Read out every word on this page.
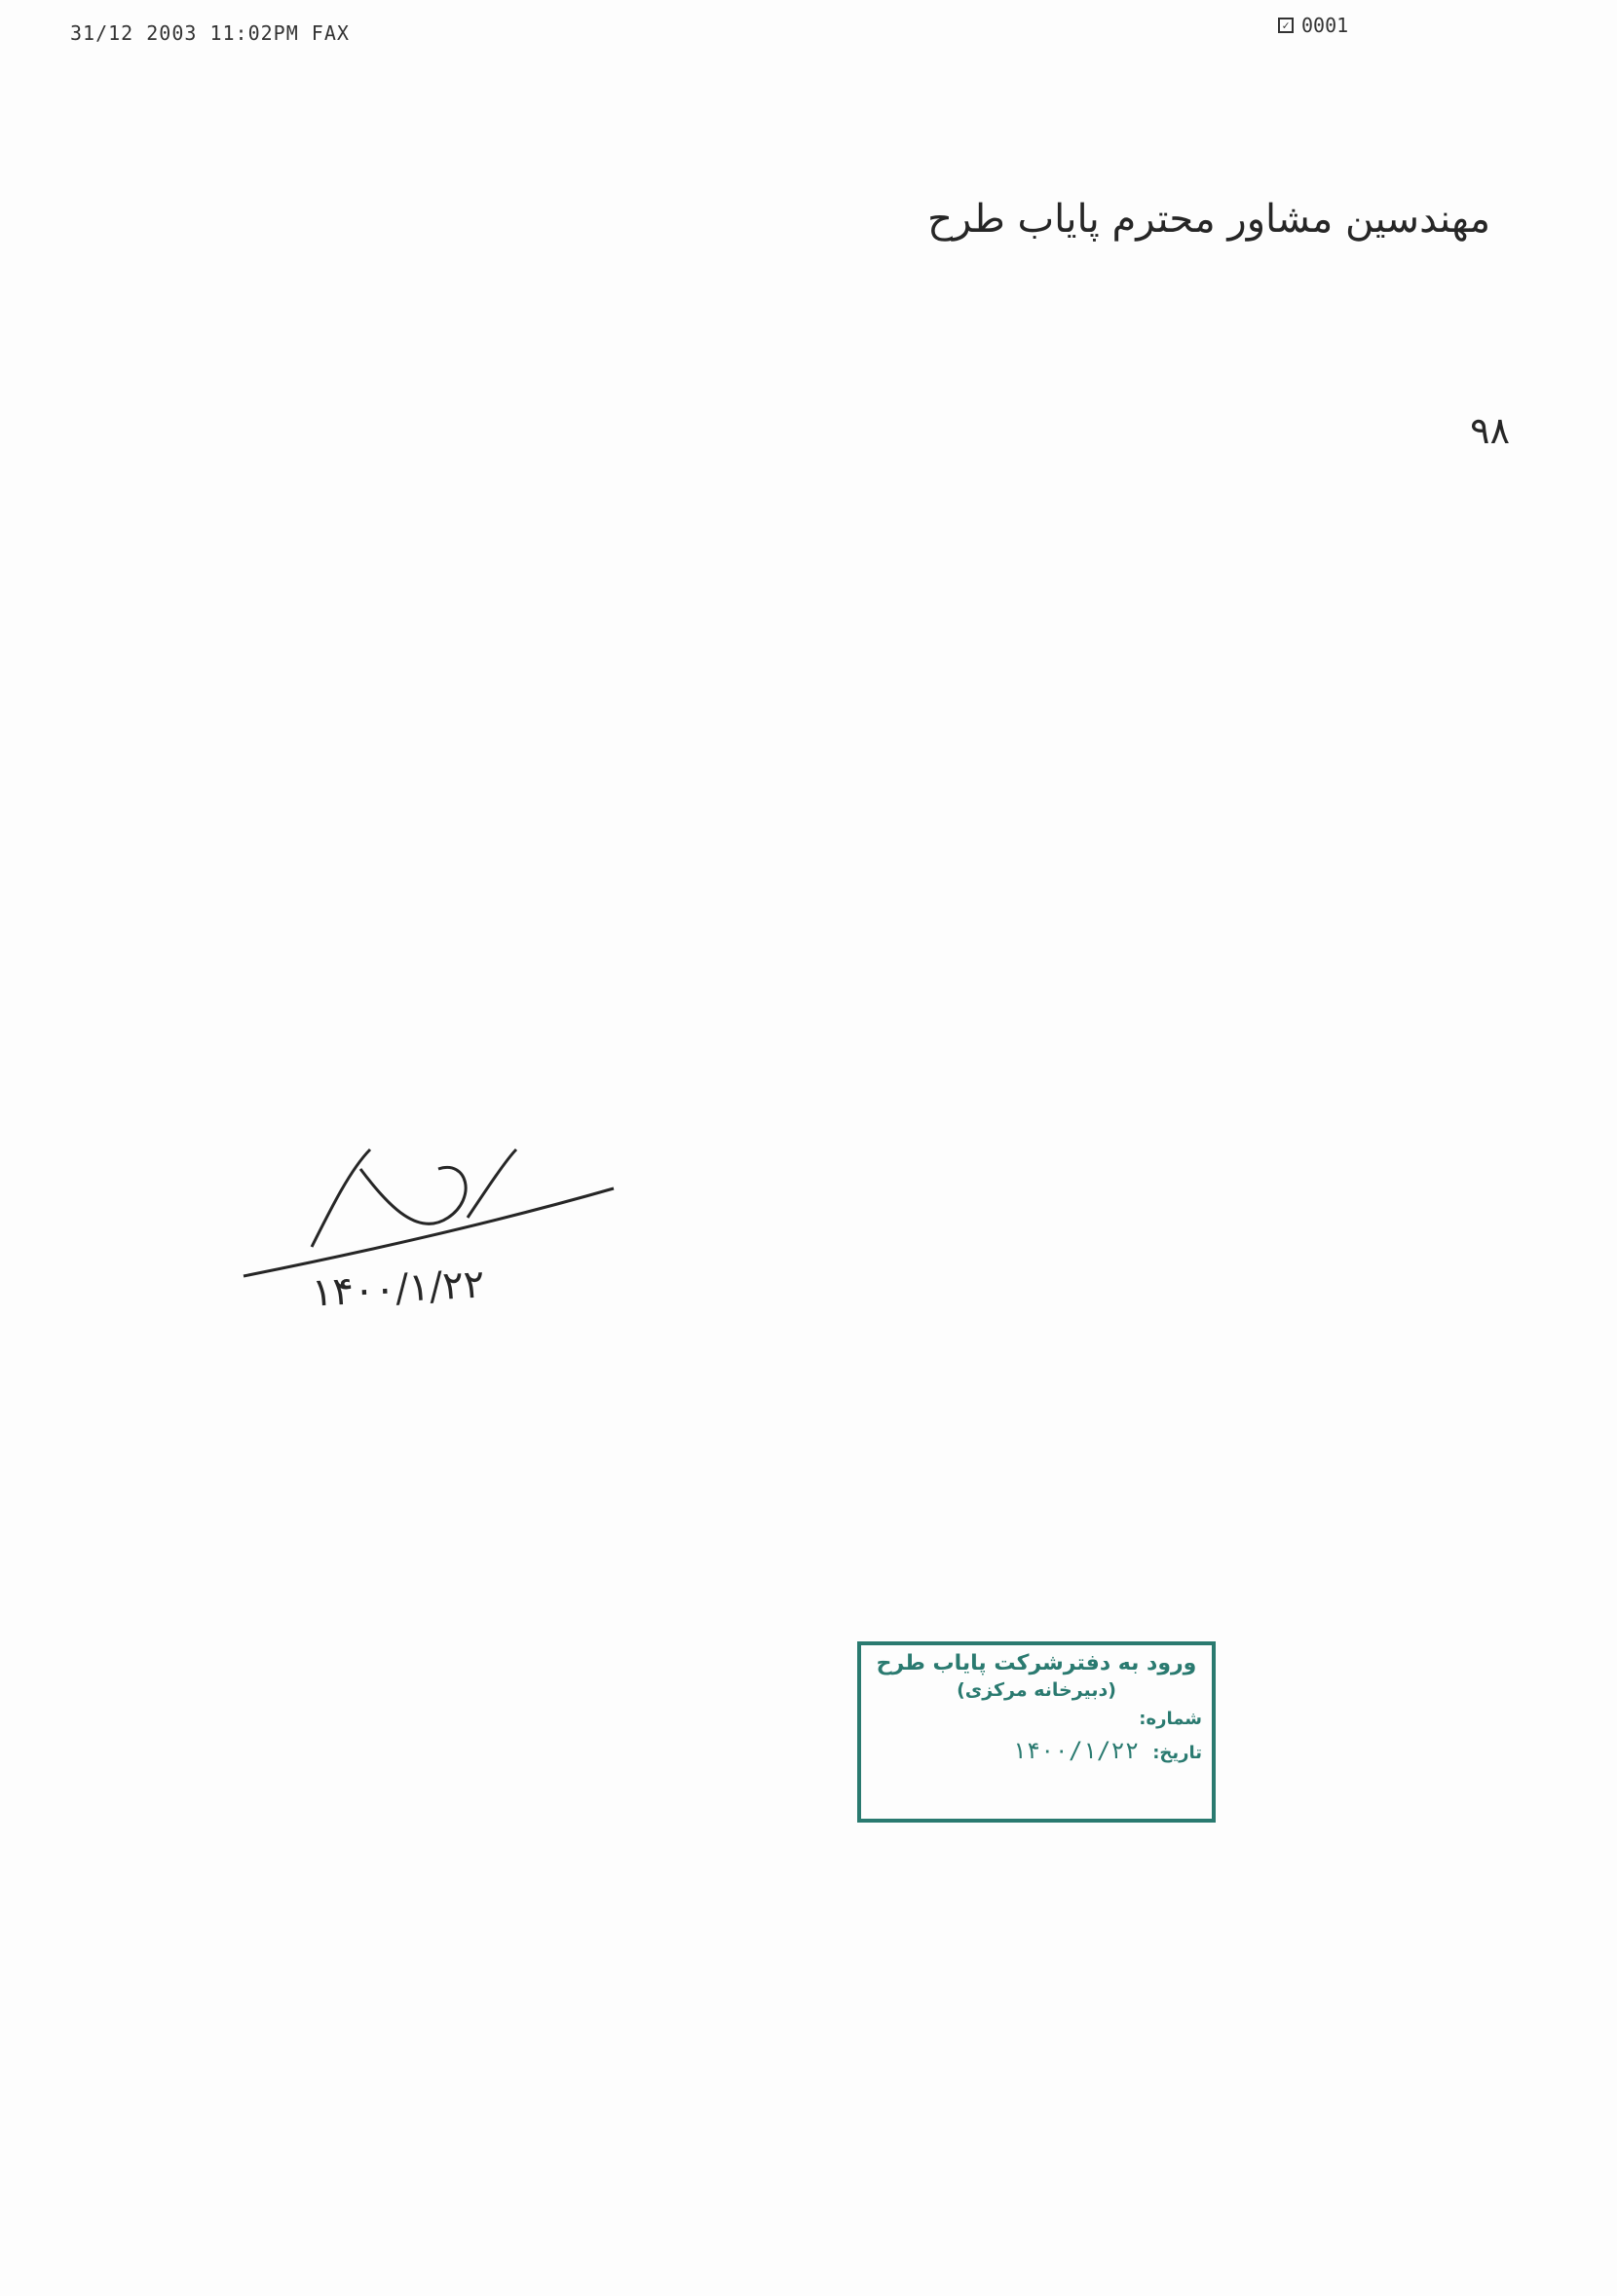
31/12 2003 11:02PM FAX	✓ 0001
مهندسین مشاور محترم پایاب طرح

۹۸

۱۴۰۰/۱/۲۲
ورود به دفترشرکت پایاب طرح
(دبیرخانه مرکزی)
شماره:
تاریخ:
۱۴۰۰/۱/۲۲
